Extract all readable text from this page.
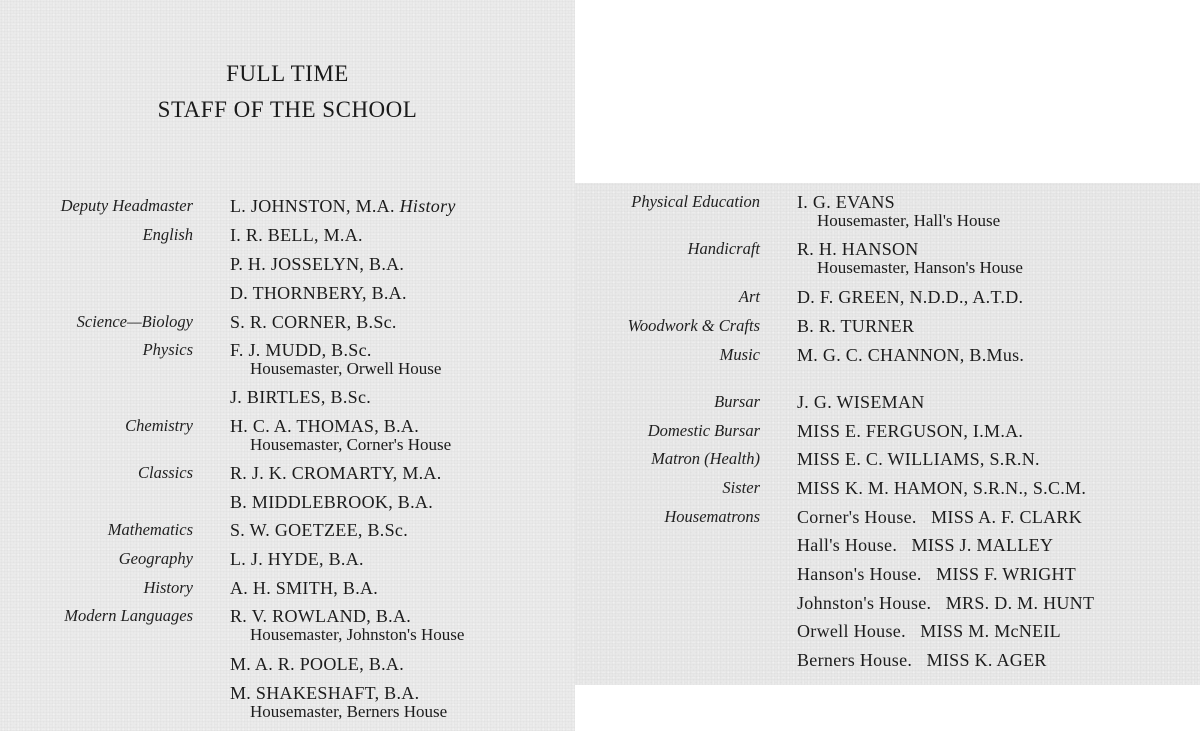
FULL TIME
STAFF OF THE SCHOOL
Deputy Headmaster L. JOHNSTON, M.A. History
English I. R. BELL, M.A.
P. H. JOSSELYN, B.A.
D. THORNBERY, B.A.
Science—Biology S. R. CORNER, B.Sc.
Physics F. J. MUDD, B.Sc.
Housemaster, Orwell House
J. BIRTLES, B.Sc.
Chemistry H. C. A. THOMAS, B.A.
Housemaster, Corner's House
Classics R. J. K. CROMARTY, M.A.
B. MIDDLEBROOK, B.A.
Mathematics S. W. GOETZEE, B.Sc.
Geography L. J. HYDE, B.A.
History A. H. SMITH, B.A.
Modern Languages R. V. ROWLAND, B.A.
Housemaster, Johnston's House
M. A. R. POOLE, B.A.
M. SHAKESHAFT, B.A.
Housemaster, Berners House
Physical Education I. G. EVANS
Housemaster, Hall's House
Handicraft R. H. HANSON
Housemaster, Hanson's House
Art D. F. GREEN, N.D.D., A.T.D.
Woodwork & Crafts B. R. TURNER
Music M. G. C. CHANNON, B.Mus.
Bursar J. G. WISEMAN
Domestic Bursar MISS E. FERGUSON, I.M.A.
Matron (Health) MISS E. C. WILLIAMS, S.R.N.
Sister MISS K. M. HAMON, S.R.N., S.C.M.
Housematrons Corner's House.   MISS A. F. CLARK
Hall's House.   MISS J. MALLEY
Hanson's House.   MISS F. WRIGHT
Johnston's House.   MRS. D. M. HUNT
Orwell House.   MISS M. McNEIL
Berners House.   MISS K. AGER
